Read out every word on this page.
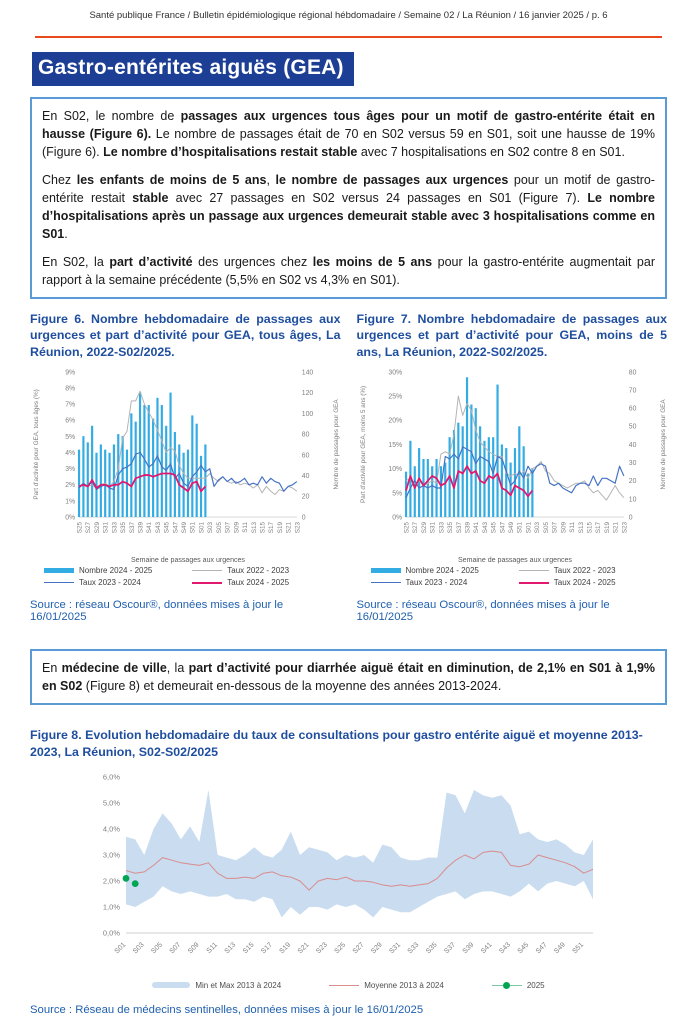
Santé publique France / Bulletin épidémiologique régional hébdomadaire / Semaine 02 / La Réunion / 16 janvier 2025 / p. 6
Gastro-entérites aiguës (GEA)

En S02, le nombre de passages aux urgences tous âges pour un motif de gastro-entérite était en hausse (Figure 6). Le nombre de passages était de 70 en S02 versus 59 en S01, soit une hausse de 19% (Figure 6). Le nombre d’hospitalisations restait stable avec 7 hospitalisations en S02 contre 8 en S01.

Chez les enfants de moins de 5 ans, le nombre de passages aux urgences pour un motif de gastro-entérite restait stable avec 27 passages en S02 versus 24 passages en S01 (Figure 7). Le nombre d’hospitalisations après un passage aux urgences demeurait stable avec 3 hospitalisations comme en S01.

En S02, la part d’activité des urgences chez les moins de 5 ans pour la gastro-entérite augmentait par rapport à la semaine précédente (5,5% en S02 vs 4,3% en S01).

Figure 6. Nombre hebdomadaire de passages aux urgences et part d’activité pour GEA, tous âges, La Réunion, 2022-S02/2025.
0%
1%
2%
3%
4%
5%
6%
7%
8%
9%
0
20
40
60
80
100
120
140
S25 S27 S29 S31 S33 S35 S37 S39 S41 S43 S45 S47 S49 S51 S01 S03 S05 S07 S09 S11 S13 S15 S17 S19 S21 S23
Part d'activité pour GEA, tous âges (%)	Nombre de passages pour GEA
Semaine de passages aux urgences
Nombre 2024 - 2025	Taux 2022 - 2023
Taux 2023 - 2024	Taux 2024 - 2025
Source : réseau Oscour®, données mises à jour le 16/01/2025
Figure 7. Nombre hebdomadaire de passages aux urgences et part d’activité pour GEA, moins de 5 ans, La Réunion, 2022-S02/2025.
0%
5%
10%
15%
20%
25%
30%
0
10
20
30
40
50
60
70
80
S25 S27 S29 S31 S33 S35 S37 S39 S41 S43 S45 S47 S49 S51 S01 S03 S05 S07 S09 S11 S13 S15 S17 S19 S21 S23
Part d'activité pour GEA, moins 5 ans (%)	Nombre de passages pour GEA
Semaine de passages aux urgences
Nombre 2024 - 2025	Taux 2022 - 2023
Taux 2023 - 2024	Taux 2024 - 2025
Source : réseau Oscour®, données mises à jour le 16/01/2025

En médecine de ville, la part d’activité pour diarrhée aiguë était en diminution, de 2,1% en S01 à 1,9% en S02 (Figure 8) et demeurait en-dessous de la moyenne des années 2013-2024.

Figure 8. Evolution hebdomadaire du taux de consultations pour gastro entérite aiguë et moyenne 2013-2023, La Réunion, S02-S02/2025
0,0%
1,0%
2,0%
3,0%
4,0%
5,0%
6,0%
S01 S03 S05 S07 S09 S11 S13 S15 S17 S19 S21 S23 S25 S27 S29 S31 S33 S35 S37 S39 S41 S43 S45 S47 S49 S51
Min et Max 2013 à 2024	Moyenne 2013 à 2024	2025
Source : Réseau de médecins sentinelles, données mises à jour le 16/01/2025
